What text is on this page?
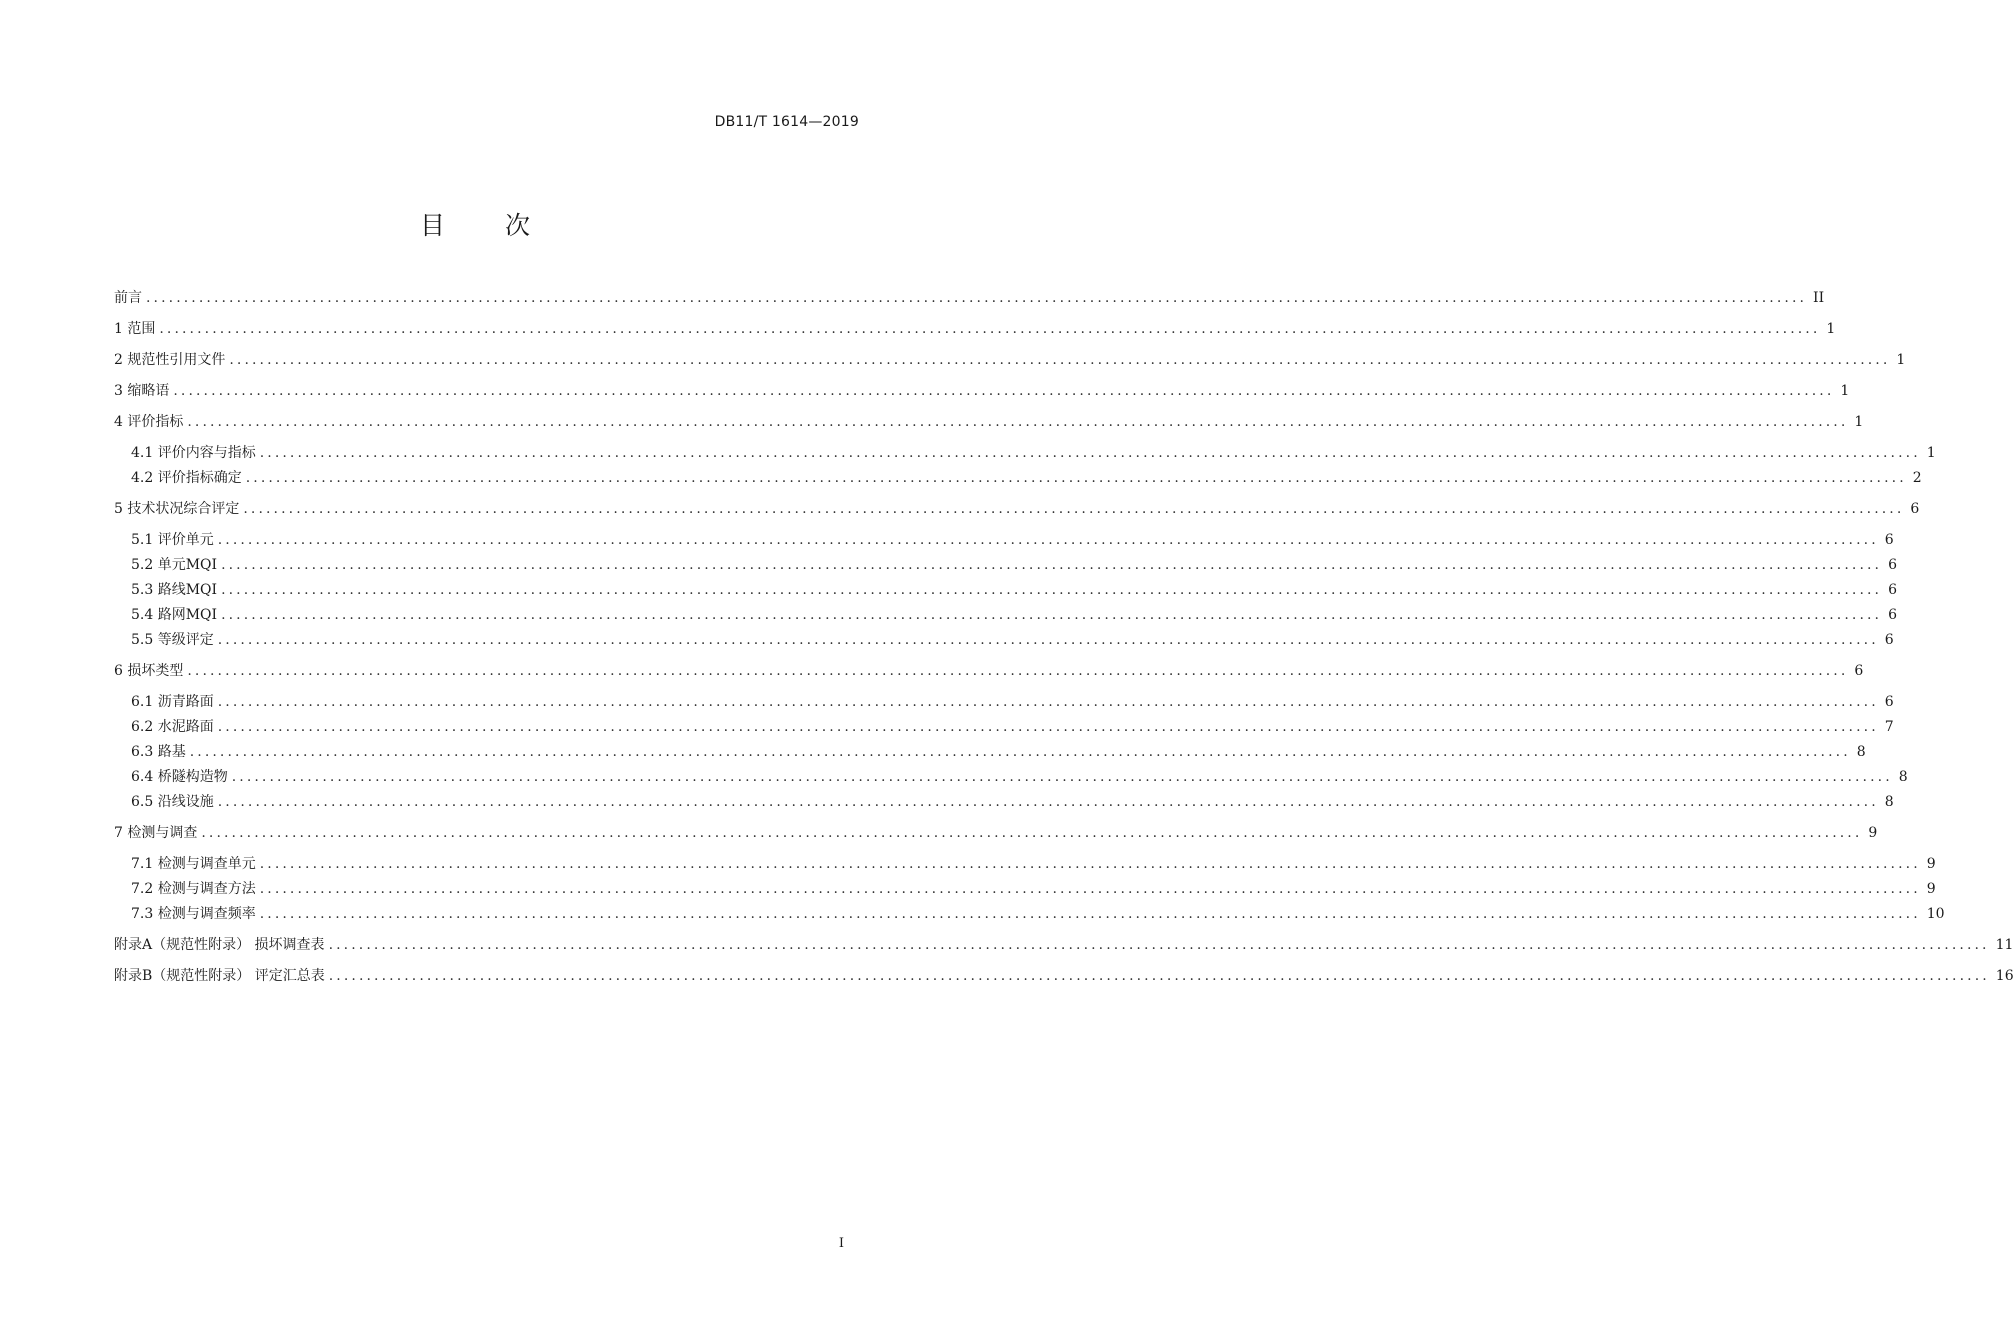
DB11/T 1614—2019
目 次
前言 ............................................................................................................................................................................................................................ II
1 范围 ............................................................................................................................................................................................................................ 1
2 规范性引用文件 ............................................................................................................................................................................................................................ 1
3 缩略语 ............................................................................................................................................................................................................................ 1
4 评价指标 ............................................................................................................................................................................................................................ 1
4.1 评价内容与指标 ............................................................................................................................................................................................................................ 1
4.2 评价指标确定 ............................................................................................................................................................................................................................ 2
5 技术状况综合评定 ............................................................................................................................................................................................................................ 6
5.1 评价单元 ............................................................................................................................................................................................................................ 6
5.2 单元MQI ............................................................................................................................................................................................................................ 6
5.3 路线MQI ............................................................................................................................................................................................................................ 6
5.4 路网MQI ............................................................................................................................................................................................................................ 6
5.5 等级评定 ............................................................................................................................................................................................................................ 6
6 损坏类型 ............................................................................................................................................................................................................................ 6
6.1 沥青路面 ............................................................................................................................................................................................................................ 6
6.2 水泥路面 ............................................................................................................................................................................................................................ 7
6.3 路基 ............................................................................................................................................................................................................................ 8
6.4 桥隧构造物 ............................................................................................................................................................................................................................ 8
6.5 沿线设施 ............................................................................................................................................................................................................................ 8
7 检测与调查 ............................................................................................................................................................................................................................ 9
7.1 检测与调查单元 ............................................................................................................................................................................................................................ 9
7.2 检测与调查方法 ............................................................................................................................................................................................................................ 9
7.3 检测与调查频率 ............................................................................................................................................................................................................................ 10
附录A（规范性附录） 损坏调查表 ............................................................................................................................................................................................................................ 11
附录B（规范性附录） 评定汇总表 ............................................................................................................................................................................................................................ 16
I
